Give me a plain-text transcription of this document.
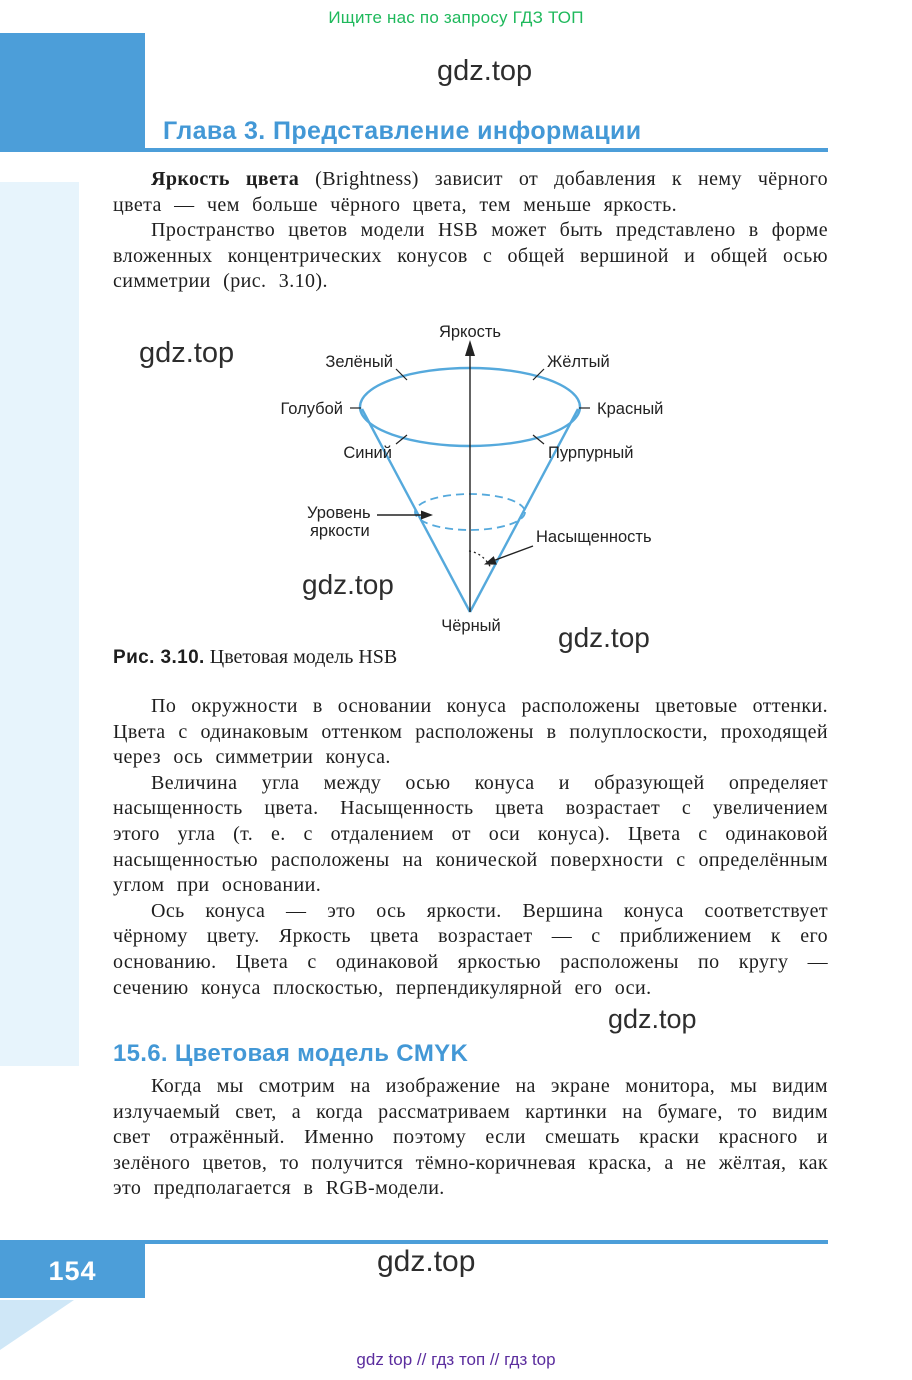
Ищите нас по запросу ГДЗ ТОП
gdz.top
Глава 3. Представление информации

Яркость цвета (Brightness) зависит от добавления к нему чёрного цвета — чем больше чёрного цвета, тем меньше яркость.

Пространство цветов модели HSB может быть представлено в форме вложенных концентрических конусов с общей вершиной и общей осью симметрии (рис. 3.10).

gdz.top
Яркость
Зелёный	Жёлтый
Голубой	Красный
Синий	Пурпурный
Уровень
яркости	Насыщенность
Чёрный
gdz.top
gdz.top
Рис. 3.10. Цветовая модель HSB

По окружности в основании конуса расположены цветовые оттенки. Цвета с одинаковым оттенком расположены в полуплоскости, проходящей через ось симметрии конуса.

Величина угла между осью конуса и образующей определяет насыщенность цвета. Насыщенность цвета возрастает с увеличением этого угла (т. е. с отдалением от оси конуса). Цвета с одинаковой насыщенностью расположены на конической поверхности с определённым углом при основании.

Ось конуса — это ось яркости. Вершина конуса соответствует чёрному цвету. Яркость цвета возрастает — с приближением к его основанию. Цвета с одинаковой яркостью расположены по кругу — сечению конуса плоскостью, перпендикулярной его оси.

gdz.top
15.6. Цветовая модель CMYK

Когда мы смотрим на изображение на экране монитора, мы видим излучаемый свет, а когда рассматриваем картинки на бумаге, то видим свет отражённый. Именно поэтому если смешать краски красного и зелёного цветов, то получится тёмно-коричневая краска, а не жёлтая, как это предполагается в RGB-модели.

154	gdz.top
gdz top // гдз топ // гдз top
